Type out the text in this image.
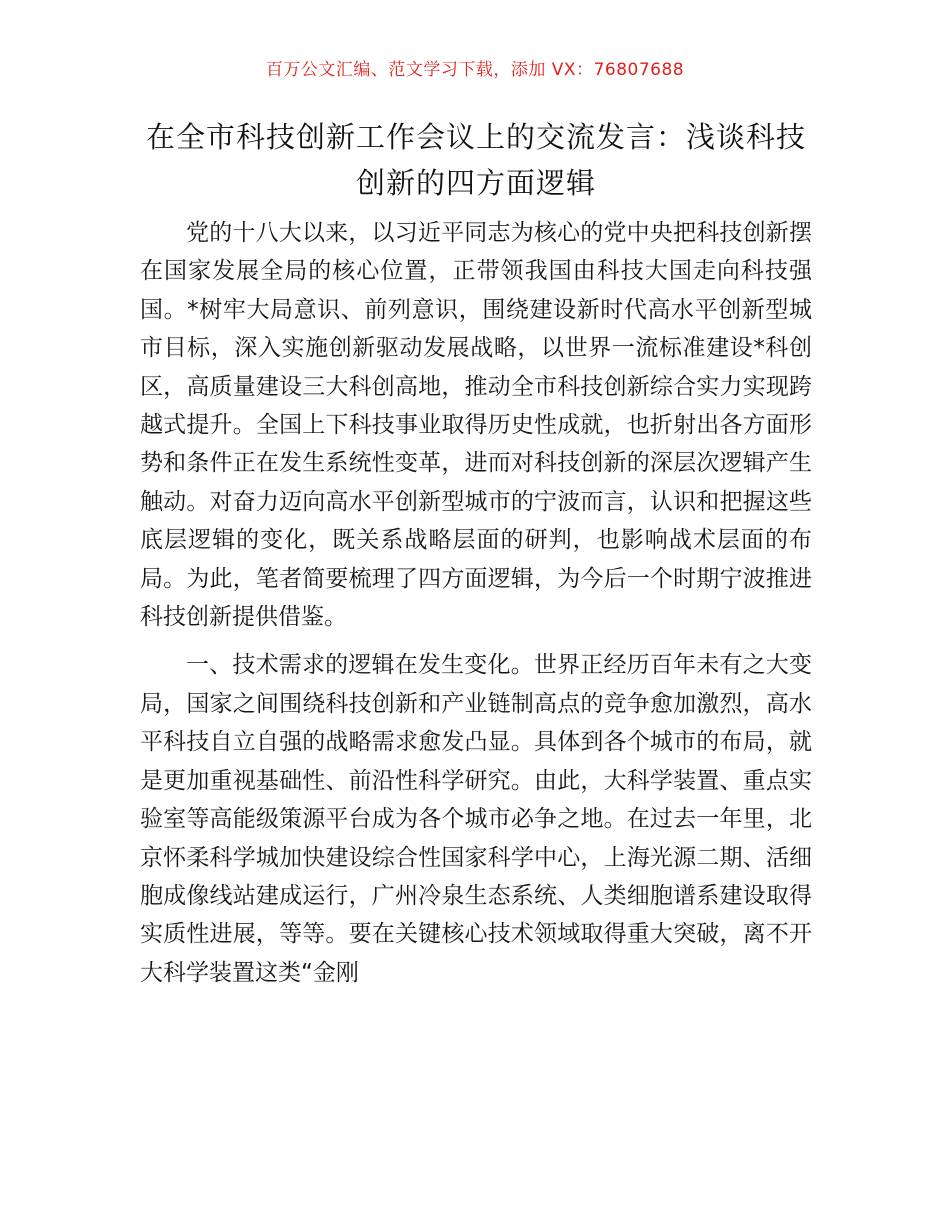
百万公文汇编、范文学习下载，添加 VX：76807688
在全市科技创新工作会议上的交流发言：浅谈科技创新的四方面逻辑

党的十八大以来，以习近平同志为核心的党中央把科技创新摆在国家发展全局的核心位置，正带领我国由科技大国走向科技强国。*树牢大局意识、前列意识，围绕建设新时代高水平创新型城市目标，深入实施创新驱动发展战略，以世界一流标准建设*科创区，高质量建设三大科创高地，推动全市科技创新综合实力实现跨越式提升。全国上下科技事业取得历史性成就，也折射出各方面形势和条件正在发生系统性变革，进而对科技创新的深层次逻辑产生触动。对奋力迈向高水平创新型城市的宁波而言，认识和把握这些底层逻辑的变化，既关系战略层面的研判，也影响战术层面的布局。为此，笔者简要梳理了四方面逻辑，为今后一个时期宁波推进科技创新提供借鉴。

一、技术需求的逻辑在发生变化。世界正经历百年未有之大变局，国家之间围绕科技创新和产业链制高点的竞争愈加激烈，高水平科技自立自强的战略需求愈发凸显。具体到各个城市的布局，就是更加重视基础性、前沿性科学研究。由此，大科学装置、重点实验室等高能级策源平台成为各个城市必争之地。在过去一年里，北京怀柔科学城加快建设综合性国家科学中心，上海光源二期、活细胞成像线站建成运行，广州冷泉生态系统、人类细胞谱系建设取得实质性进展，等等。要在关键核心技术领域取得重大突破，离不开大科学装置这类“金刚
